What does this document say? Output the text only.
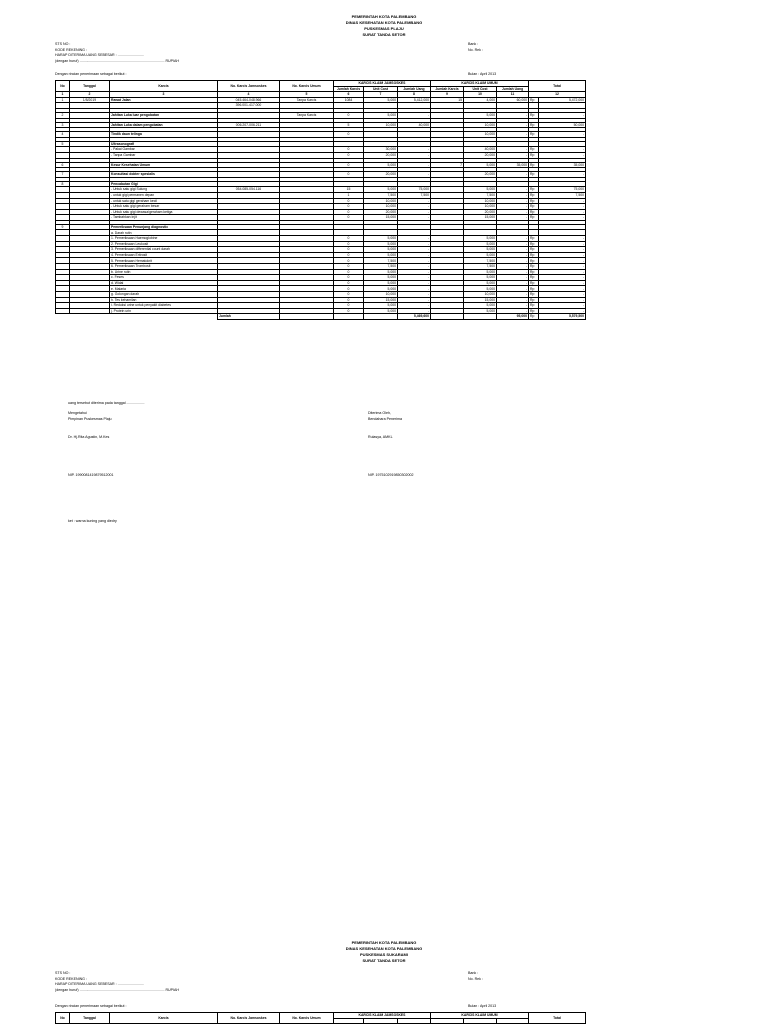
PEMERINTAH KOTA PALEMBANG
DINAS KESEHATAN KOTA PALEMBANG
PUSKESMAS PLAJU
SURAT TANDA SETOR
STS NO :
KODE REKENING :
HARAP DITERIMA UANG SEBESAR : ..........................
(dengan huruf) ..................................................................................... RUPIAH
Bank :
No. Rek :
Dengan rincian penerimaan sebagai berikut :	Bulan : April 2013
No	Tanggal	Karcis	No. Karcis Jamsoskes	No. Karcis Umum	KARCIS KLAIM JAMSOSKES			KARCIS KLAIM UMUM			Total	
					Jumlah Karcis	Unit Cost	Jumlah Uang	Jumlah Karcis	Unit Cost	Jumlah Uang		
1	2	3	4	5	6	7	8	9	10	11	12	
1	1/5/2019	Rawat Jalan	045.464-048.966	Tanpa Karcis	1084	5,000	5,412,000	15	4,000	60,000	Rp	5,472,000
			396.001-417.000									

2		Jahitan Luka luar pengobatan		Tanpa Karcis	0	5,000	-		5,000	-	Rp	-

3		Jahitan Luka dalam pengobatan	006.207-006.211		5	10,000	40,000		10,000	-	Rp	50,000

4		Tindik daun telinga			0				10,000	-	Rp	-

5		Ultrasonografi										
		- Pakai Gambar			0	30,000	-		40,000	-	Rp	-
		- Tanpa Gambar			0	20,000	-		20,000	-	Rp	-

6		Kesur Kesehatan Umum			0	5,000	-	7	5,000	35,000	Rp	35,000

7		Konsultasi dokter spesialis			0	20,000	-		20,000	-	Rp	-

8		Pencabutan Gigi										
		- Untuk satu gigi Sulung	054.085-054.116		15	5,000	75,000		5,000	-	Rp	75,000
		- untuk gigi permanen depan			1	7,500	7,500		7,500	-	Rp	7,500
		- untuk satu gigi geraham kecil			0	10,000	-		10,000	-	Rp	-
		- Untuk satu gigi geraham besar			0	10,000	-		10,000	-	Rp	-
		- Untuk satu gigi dewasa/geraham ketiga			0	20,000	-		20,000	-	Rp	-
		- Tambahkan Injit			0	15,000	-		15,000	-	Rp	-

9		Pemeriksaan Penunjang diagnostic										
		a. Darah rutin										
		1. Pemeriksaan Haemoglobine			0	5,000	-		5,000	-	Rp	-
		2. Pemeriksaan Leukosit			0	5,000	-		5,000	-	Rp	-
		3. Pemeriksaan differential count darah			0	5,000	-		5,000	-	Rp	-
		4. Pemeriksaan Eritrosit			0	5,000	-		5,000	-	Rp	-
		5. Pemeriksaan Hematokrit			0	7,500	-		7,500	-	Rp	-
		6. Pemeriksaan Trombosit			0	7,500	-		7,500	-	Rp	-
		b. Urine rutin			0	5,000	-		5,000	-	Rp	-
		c. Feses			0	5,000	-		5,000	-	Rp	-
		d. Widal			0	5,000	-		5,000	-	Rp	-
		e. Malaria			0	5,000	-		5,000	-	Rp	-
		g. Golongan darah			0	10,000	-		10,000	-	Rp	-
		h. Tes kehamilan			0	15,000	-		15,000	-	Rp	-
		i. Reduksi urine untuk penyakit diabetes			0	5,000	-		5,000	-	Rp	-
		j. Protein urin			0	5,000	-		5,000	-	Rp	-
			Jumlah				5,469,600			95,000	Rp	5,579,500
uang tersebut diterima pada tanggal ..................
Mengetahui
Pimpinan Puskesmas Plaju
Dr. Hj.Rita Agustin, M.Kes
NIP. 1990081419879512001
Diterima Oleh,
Bendahara Penerima
Rulasya, AMKL
NIP. 1975102919850302002
ket : warna kuning yang diedry
PEMERINTAH KOTA PALEMBANG
DINAS KESEHATAN KOTA PALEMBANG
PUSKESMAS SUKARAMI
SURAT TANDA SETOR
STS NO :
KODE REKENING :
HARAP DITERIMA UANG SEBESAR : ..........................
(dengan huruf) ..................................................................................... RUPIAH
Bank :
No. Rek :
Dengan rincian penerimaan sebagai berikut :	Bulan : April 2013
No	Tanggal	Karcis	No. Karcis Jamsoskes	No. Karcis Umum	KARCIS KLAIM JAMSOSKES			KARCIS KLAIM UMUM			Total
